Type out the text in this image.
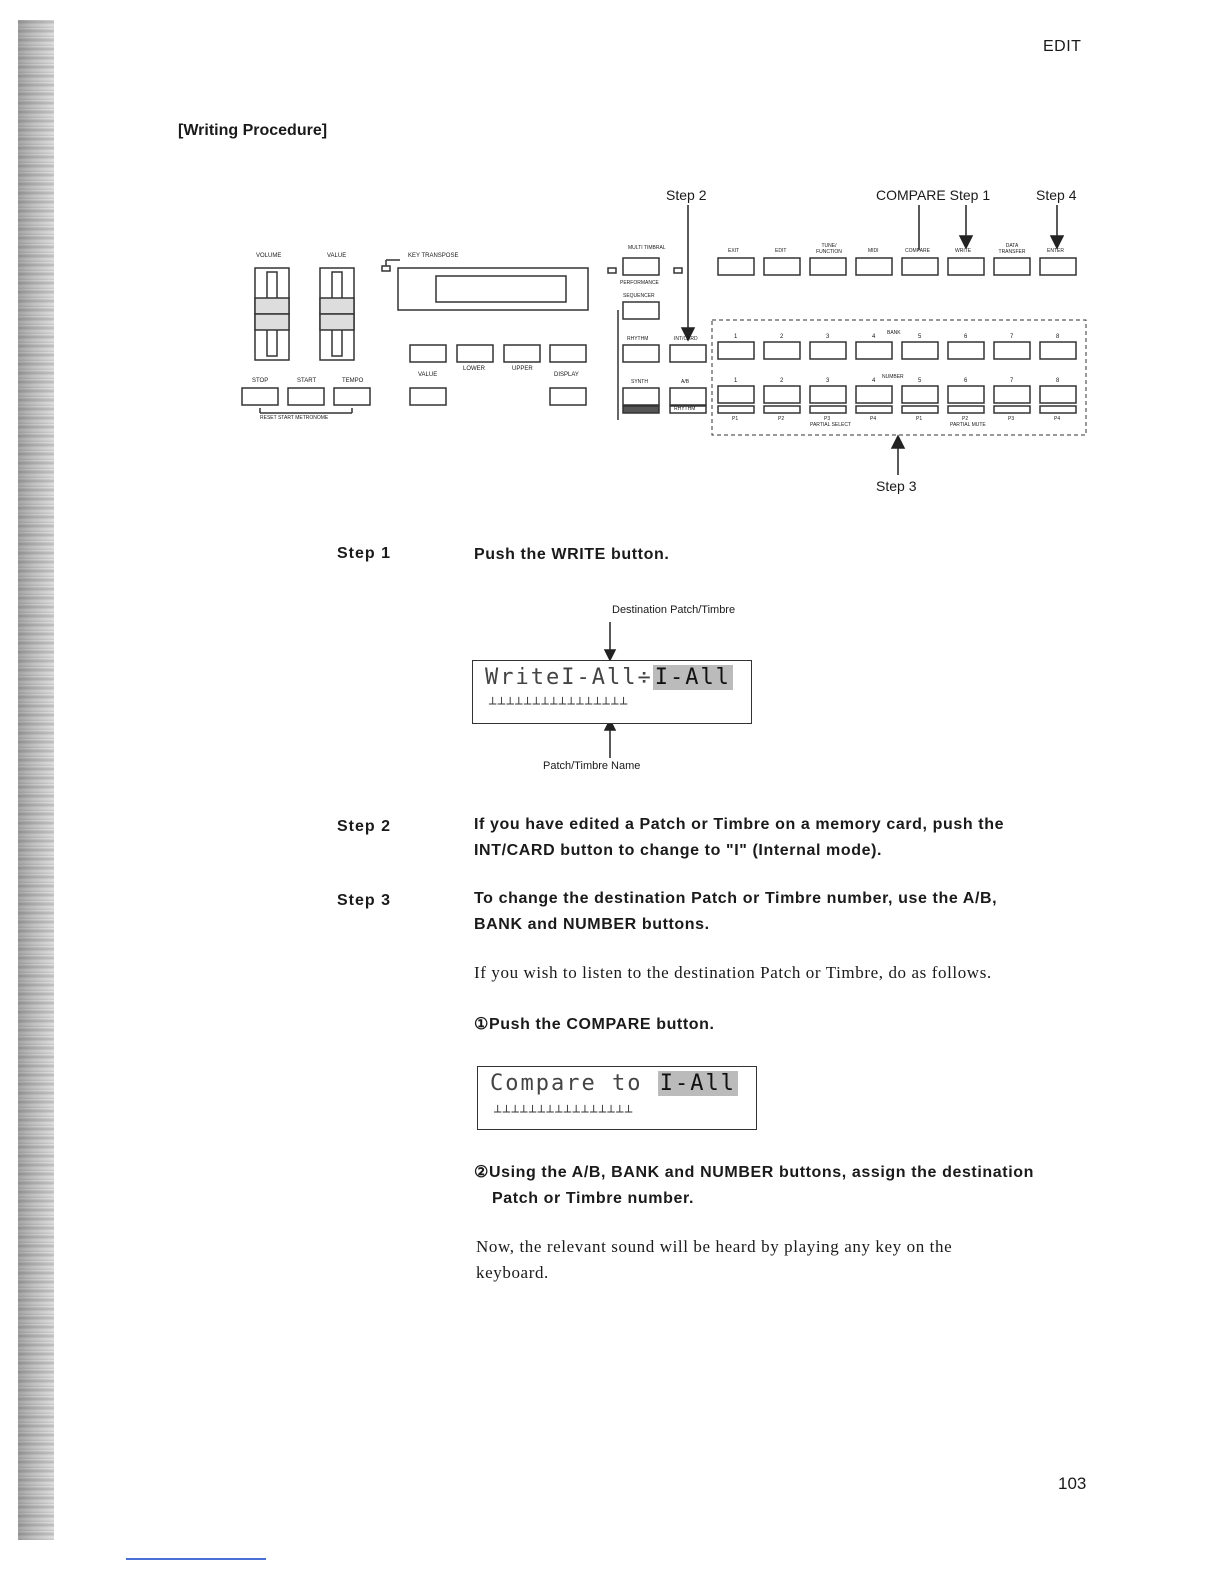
EDIT
[Writing Procedure]
Step 2	COMPARE Step 1	Step 4
Step 3
VOLUME	VALUE	KEY TRANSPOSE
STOP	START	TEMPO
RESET START METRONOME
LOWER	UPPER
VALUE	DISPLAY
MULTI TIMBRAL
PERFORMANCE
SEQUENCER
RHYTHM
SYNTH
INT/CARD
A/B
BANK
NUMBER
PARTIAL SELECT	PARTIAL MUTE
RHYTHM
EXIT	EDIT
TUNE/ FUNCTION	MIDI	COMPARE	WRITE
DATA TRANSFER	ENTER
1	2	3	4	5	6	7	8
1	2	3	4	5	6	7	8
P1	P2	P3	P4	P1	P2	P3	P4
Step 1	Push the WRITE button.
Destination Patch/Timbre
WriteI-All÷I-All
┴┴┴┴┴┴┴┴┴┴┴┴┴┴┴┴
Patch/Timbre Name
Step 2	If you have edited a Patch or Timbre on a memory card, push the
INT/CARD button to change to "I" (Internal mode).
Step 3	To change the destination Patch or Timbre number, use the A/B,
BANK and NUMBER buttons.
If you wish to listen to the destination Patch or Timbre, do as follows.
①Push the COMPARE button.
Compare to I-All
┴┴┴┴┴┴┴┴┴┴┴┴┴┴┴┴
②Using the A/B, BANK and NUMBER buttons, assign the destination
Patch or Timbre number.
Now, the relevant sound will be heard by playing any key on the
keyboard.
103
